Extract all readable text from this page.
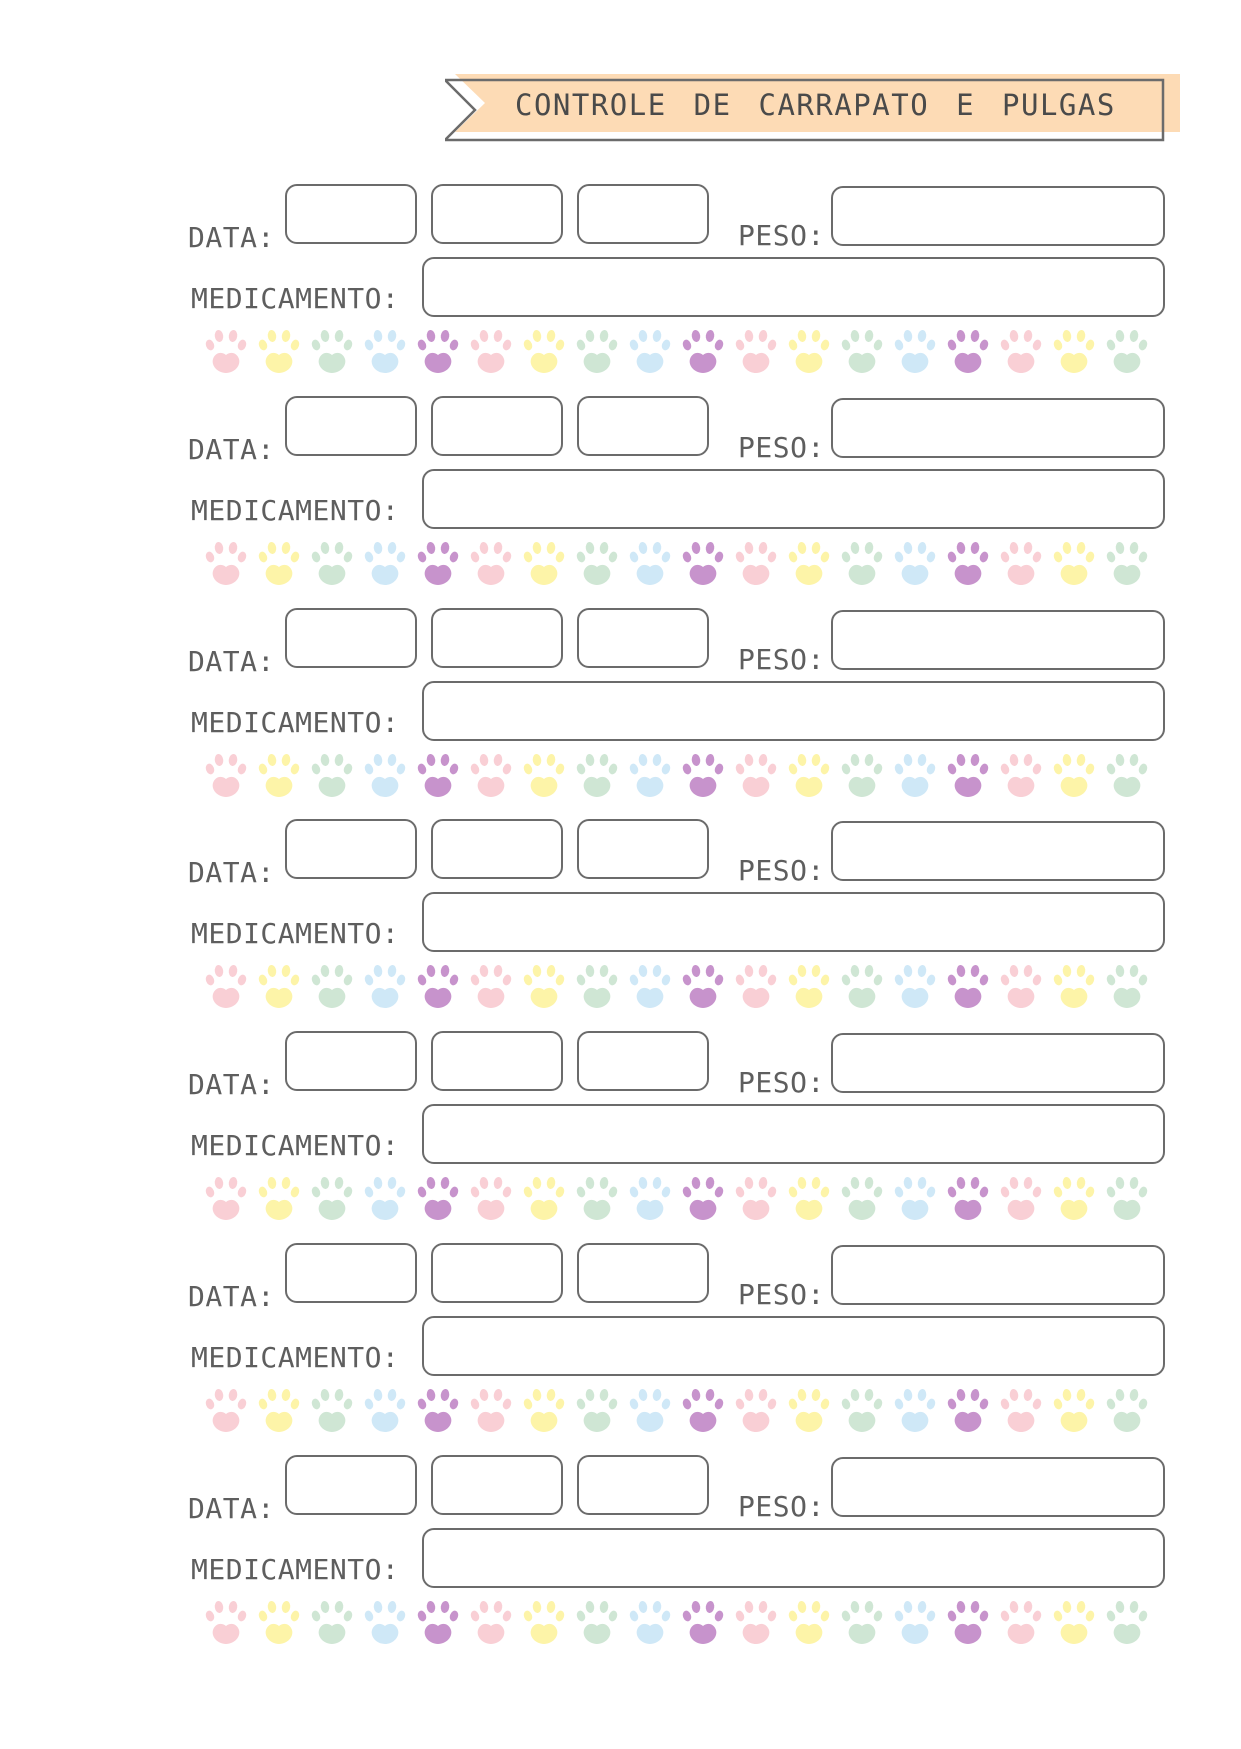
CONTROLE DE CARRAPATO E PULGAS
DATA:	PESO:
MEDICAMENTO:
DATA:	PESO:
MEDICAMENTO:
DATA:	PESO:
MEDICAMENTO:
DATA:	PESO:
MEDICAMENTO:
DATA:	PESO:
MEDICAMENTO:
DATA:	PESO:
MEDICAMENTO:
DATA:	PESO:
MEDICAMENTO:
